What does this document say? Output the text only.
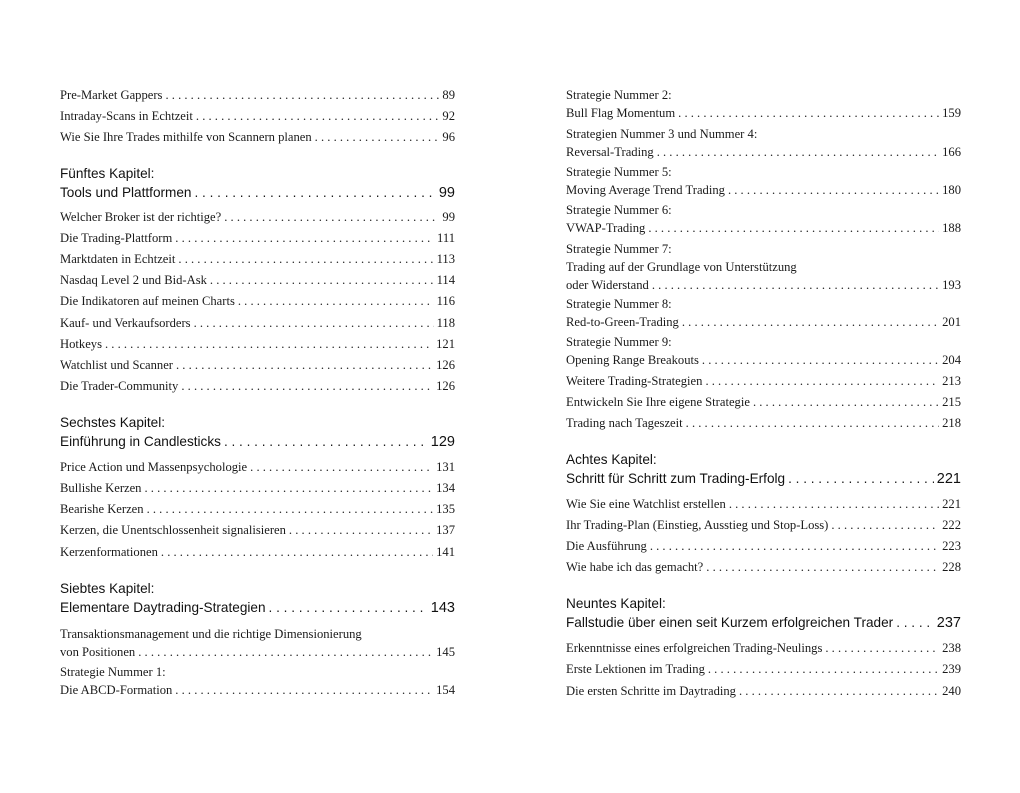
Pre-Market Gappers . . .	89
Intraday-Scans in Echtzeit . . .	92
Wie Sie Ihre Trades mithilfe von Scannern planen . . .	96
Fünftes Kapitel:
Tools und Plattformen . . .	99
Welcher Broker ist der richtige? . . .	99
Die Trading-Plattform . . .	111
Marktdaten in Echtzeit . . .	113
Nasdaq Level 2 und Bid-Ask . . .	114
Die Indikatoren auf meinen Charts . . .	116
Kauf- und Verkaufsorders . . .	118
Hotkeys . . .	121
Watchlist und Scanner . . .	126
Die Trader-Community . . .	126
Sechstes Kapitel:
Einführung in Candlesticks . . .	129
Price Action und Massenpsychologie . . .	131
Bullishe Kerzen . . .	134
Bearishe Kerzen . . .	135
Kerzen, die Unentschlossenheit signalisieren . . .	137
Kerzenformationen . . .	141
Siebtes Kapitel:
Elementare Daytrading-Strategien . . .	143
Transaktionsmanagement und die richtige Dimensionierung
von Positionen . . .	145
Strategie Nummer 1:
Die ABCD-Formation . . .	154
Strategie Nummer 2:
Bull Flag Momentum . . .	159
Strategien Nummer 3 und Nummer 4:
Reversal-Trading . . .	166
Strategie Nummer 5:
Moving Average Trend Trading . . .	180
Strategie Nummer 6:
VWAP-Trading . . .	188
Strategie Nummer 7:
Trading auf der Grundlage von Unterstützung
oder Widerstand . . .	193
Strategie Nummer 8:
Red-to-Green-Trading . . .	201
Strategie Nummer 9:
Opening Range Breakouts . . .	204
Weitere Trading-Strategien . . .	213
Entwickeln Sie Ihre eigene Strategie . . .	215
Trading nach Tageszeit . . .	218
Achtes Kapitel:
Schritt für Schritt zum Trading-Erfolg . . .	221
Wie Sie eine Watchlist erstellen . . .	221
Ihr Trading-Plan (Einstieg, Ausstieg und Stop-Loss) . . .	222
Die Ausführung . . .	223
Wie habe ich das gemacht? . . .	228
Neuntes Kapitel:
Fallstudie über einen seit Kurzem erfolgreichen Trader . . .	237
Erkenntnisse eines erfolgreichen Trading-Neulings . . .	238
Erste Lektionen im Trading . . .	239
Die ersten Schritte im Daytrading . . .	240
